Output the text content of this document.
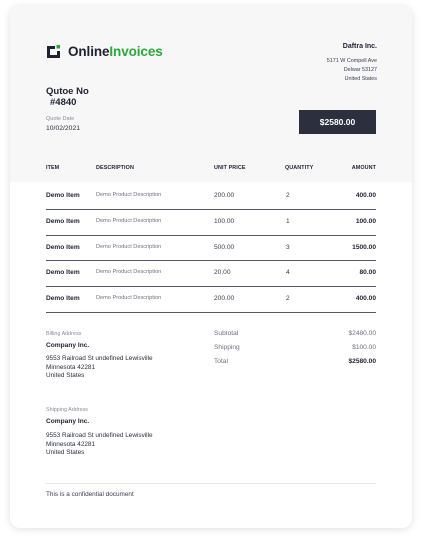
OnlineInvoices	Daftra Inc.
5171 W Compell Ave
Delwar 53127
United States
Qutoe No
#4840
Quote Date
10/02/2021
$2580.00
ITEM	DESCRIPTION	UNIT PRICE	QUANTITY	AMOUNT
Demo Item	Demo Product Description	200.00	2	400.00
Demo Item	Demo Product Description	100.00	1	100.00
Demo Item	Demo Product Description	500.00	3	1500.00
Demo Item	Demo Product Description	20.00	4	80.00
Demo Item	Demo Product Description	200.00	2	400.00
Billing Address
Company Inc.
9553 Railroad St undefined Lewisville
Minnesota 42281
United States
Subtotal	$2480.00
Shipping	$100.00
Total	$2580.00
Shipping Address
Company Inc.
9553 Railroad St undefined Lewisville
Minnesota 42281
United States
This is a confidential document
